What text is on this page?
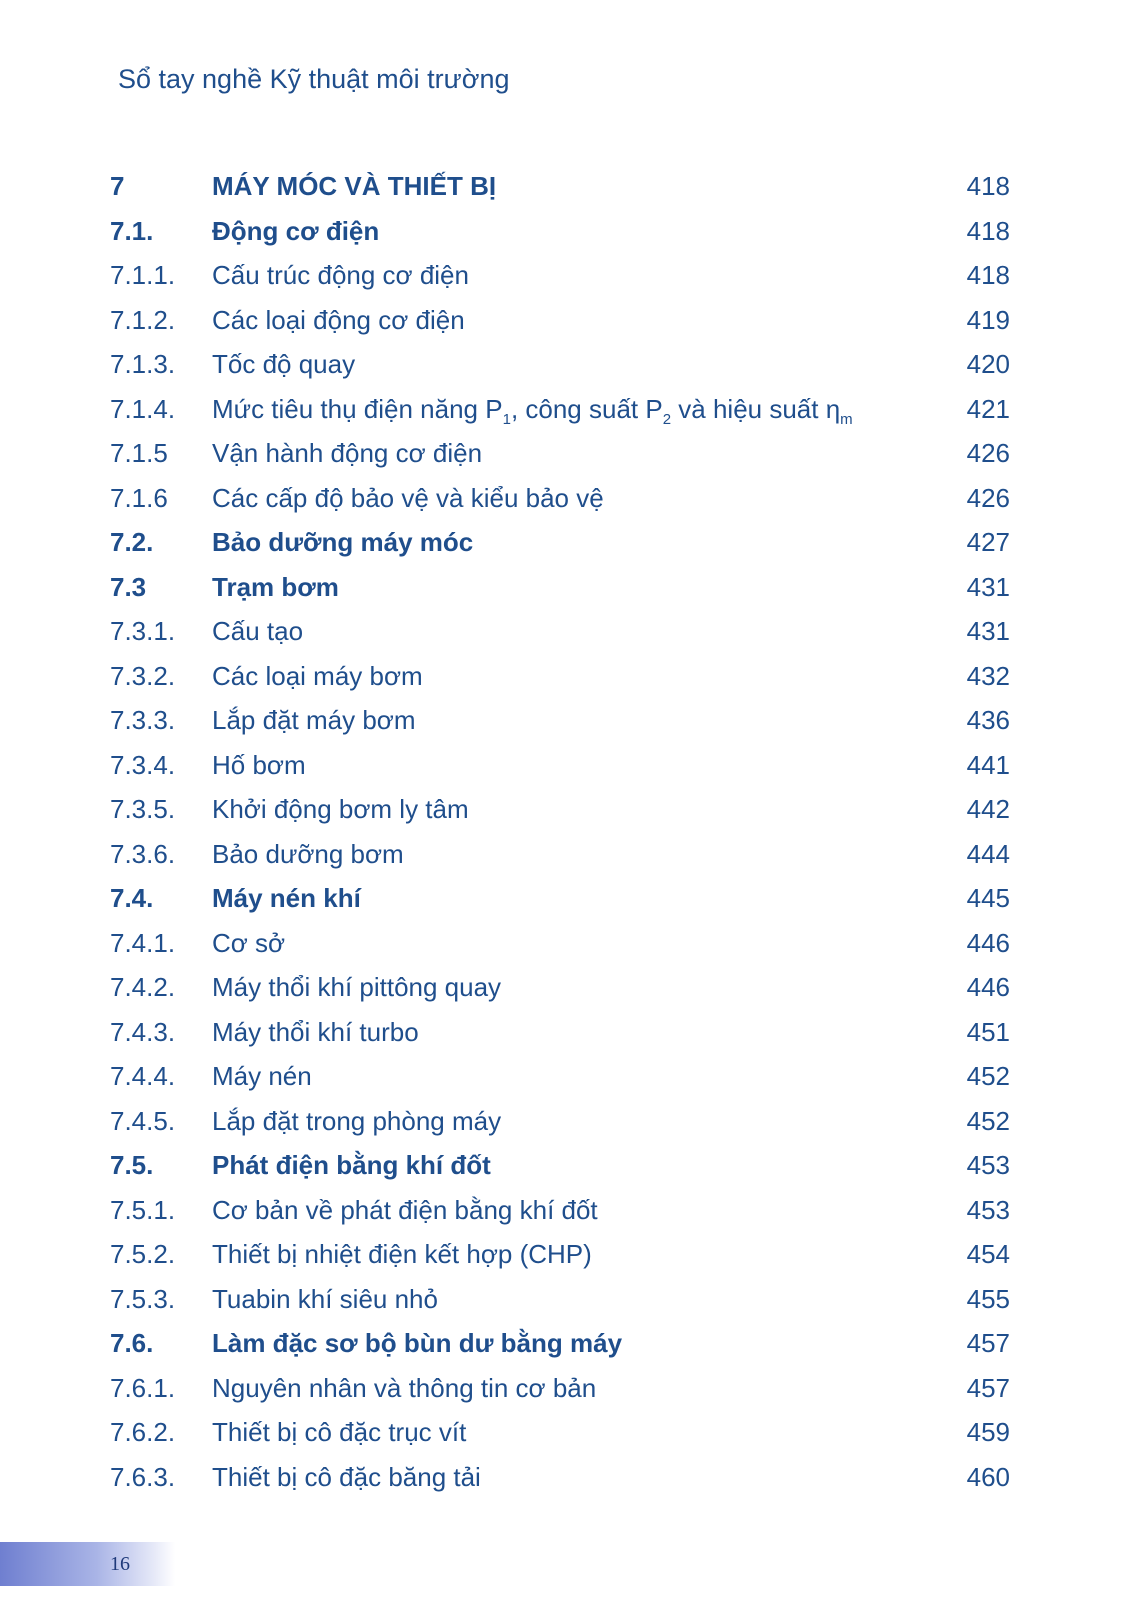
Sổ tay nghề Kỹ thuật môi trường
7	MÁY MÓC VÀ THIẾT BỊ	418
7.1. Động cơ điện	418
7.1.1. Cấu trúc động cơ điện	418
7.1.2. Các loại động cơ điện	419
7.1.3. Tốc độ quay	420
7.1.4. Mức tiêu thụ điện năng $P_1$, công suất $P_2$ và hiệu suất $\eta_m$	421
7.1.5 Vận hành động cơ điện	426
7.1.6 Các cấp độ bảo vệ và kiểu bảo vệ	426
7.2. Bảo dưỡng máy móc	427
7.3	Trạm bơm	431
7.3.1. Cấu tạo	431
7.3.2. Các loại máy bơm	432
7.3.3. Lắp đặt máy bơm	436
7.3.4. Hố bơm	441
7.3.5. Khởi động bơm ly tâm	442
7.3.6. Bảo dưỡng bơm	444
7.4. Máy nén khí	445
7.4.1. Cơ sở	446
7.4.2. Máy thổi khí pittông quay	446
7.4.3. Máy thổi khí turbo	451
7.4.4. Máy nén	452
7.4.5. Lắp đặt trong phòng máy	452
7.5. Phát điện bằng khí đốt	453
7.5.1. Cơ bản về phát điện bằng khí đốt	453
7.5.2. Thiết bị nhiệt điện kết hợp (CHP)	454
7.5.3. Tuabin khí siêu nhỏ	455
7.6. Làm đặc sơ bộ bùn dư bằng máy	457
7.6.1. Nguyên nhân và thông tin cơ bản	457
7.6.2. Thiết bị cô đặc trục vít	459
7.6.3. Thiết bị cô đặc băng tải	460
16
